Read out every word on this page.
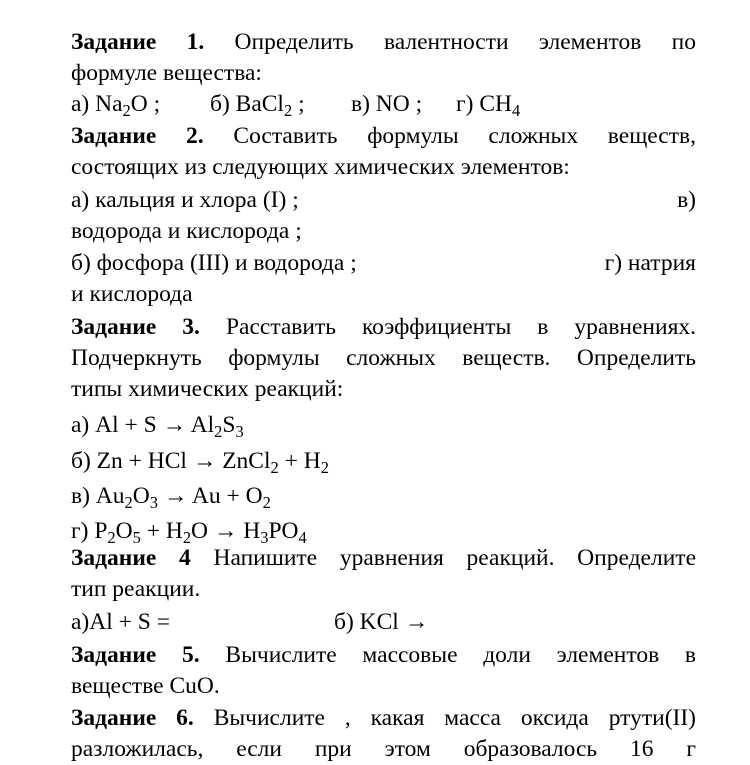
Задание 1. Определить валентности элементов по
формуле вещества:
а) $Na_2O$ ; б) BaCl$_2$ ; в) NO ; г) $CH_4$
Задание 2. Составить формулы сложных веществ,
состоящих из следующих химических элементов:
а) кальция и хлора (I) ;	в)
водорода и кислорода ;
б) фосфора (III) и водорода ;	г) натрия
и кислорода
Задание 3. Расставить коэффициенты в уравнениях.
Подчеркнуть формулы сложных веществ. Определить
типы химических реакций:
а) $Al + S \to Al_2S_3$
б) Zn + HCl → ZnCl$_2$ + $H_2$
в) $Au_2O_3 \to Au + O_2$
г) $P_2O_5 + H_2O \to H_3PO_4$
Задание 4 Напишите уравнения реакций. Определите
тип реакции.
а)Al + S =	б) KCl →
Задание 5. Вычислите массовые доли элементов в
веществе CuO.
Задание 6. Вычислите , какая масса оксида ртути(II)
разложилась, если при этом образовалось 16 г
